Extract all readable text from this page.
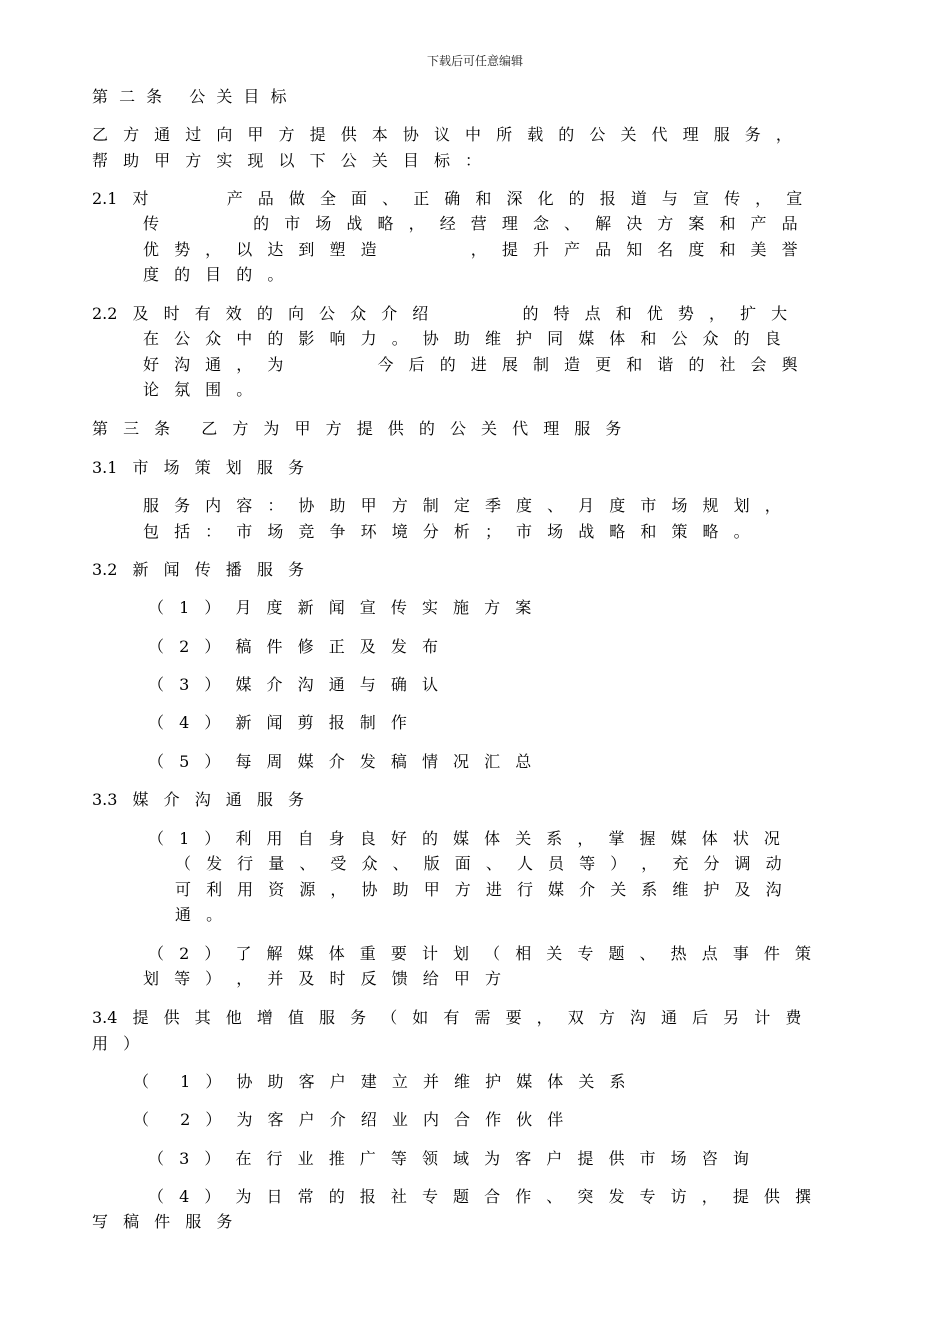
下载后可任意编辑
第 二 条 　公 关 目 标
乙 方 通 过 向 甲 方 提 供 本 协 议 中 所 载 的 公 关 代 理 服 务 ，
帮 助 甲 方 实 现 以 下 公 关 目 标 ：
2.1 对 　　　 产 品 做 全 面 、 正 确 和 深 化 的 报 道 与 宣 传 ， 宣
传 　　　　 的 市 场 战 略 ， 经 营 理 念 、 解 决 方 案 和 产 品
优 势 ， 以 达 到 塑 造 　　　　 ， 提 升 产 品 知 名 度 和 美 誉
度 的 目 的 。
2.2 及 时 有 效 的 向 公 众 介 绍 　　　　 的 特 点 和 优 势 ， 扩 大
在 公 众 中 的 影 响 力 。 协 助 维 护 同 媒 体 和 公 众 的 良
好 沟 通 ， 为 　　　　 今 后 的 进 展 制 造 更 和 谐 的 社 会 舆
论 氛 围 。
第 三 条 　乙 方 为 甲 方 提 供 的 公 关 代 理 服 务
3.1 市 场 策 划 服 务
服 务 内 容 ： 协 助 甲 方 制 定 季 度 、 月 度 市 场 规 划 ，
包 括 ： 市 场 竞 争 环 境 分 析 ； 市 场 战 略 和 策 略 。
3.2 新 闻 传 播 服 务
（ 1 ） 月 度 新 闻 宣 传 实 施 方 案
（ 2 ） 稿 件 修 正 及 发 布
（ 3 ） 媒 介 沟 通 与 确 认
（ 4 ） 新 闻 剪 报 制 作
（ 5 ） 每 周 媒 介 发 稿 情 况 汇 总
3.3 媒 介 沟 通 服 务
（ 1 ） 利 用 自 身 良 好 的 媒 体 关 系 ， 掌 握 媒 体 状 况
（ 发 行 量 、 受 众 、 版 面 、 人 员 等 ） ， 充 分 调 动
可 利 用 资 源 ， 协 助 甲 方 进 行 媒 介 关 系 维 护 及 沟
通 。
（ 2 ） 了 解 媒 体 重 要 计 划 （ 相 关 专 题 、 热 点 事 件 策
划 等 ） ， 并 及 时 反 馈 给 甲 方
3.4 提 供 其 他 增 值 服 务 （ 如 有 需 要 ， 双 方 沟 通 后 另 计 费
用 ）
（ 　1 ） 协 助 客 户 建 立 并 维 护 媒 体 关 系
（ 　2 ） 为 客 户 介 绍 业 内 合 作 伙 伴
（ 3 ） 在 行 业 推 广 等 领 域 为 客 户 提 供 市 场 咨 询
（ 4 ） 为 日 常 的 报 社 专 题 合 作 、 突 发 专 访 ， 提 供 撰
写 稿 件 服 务
